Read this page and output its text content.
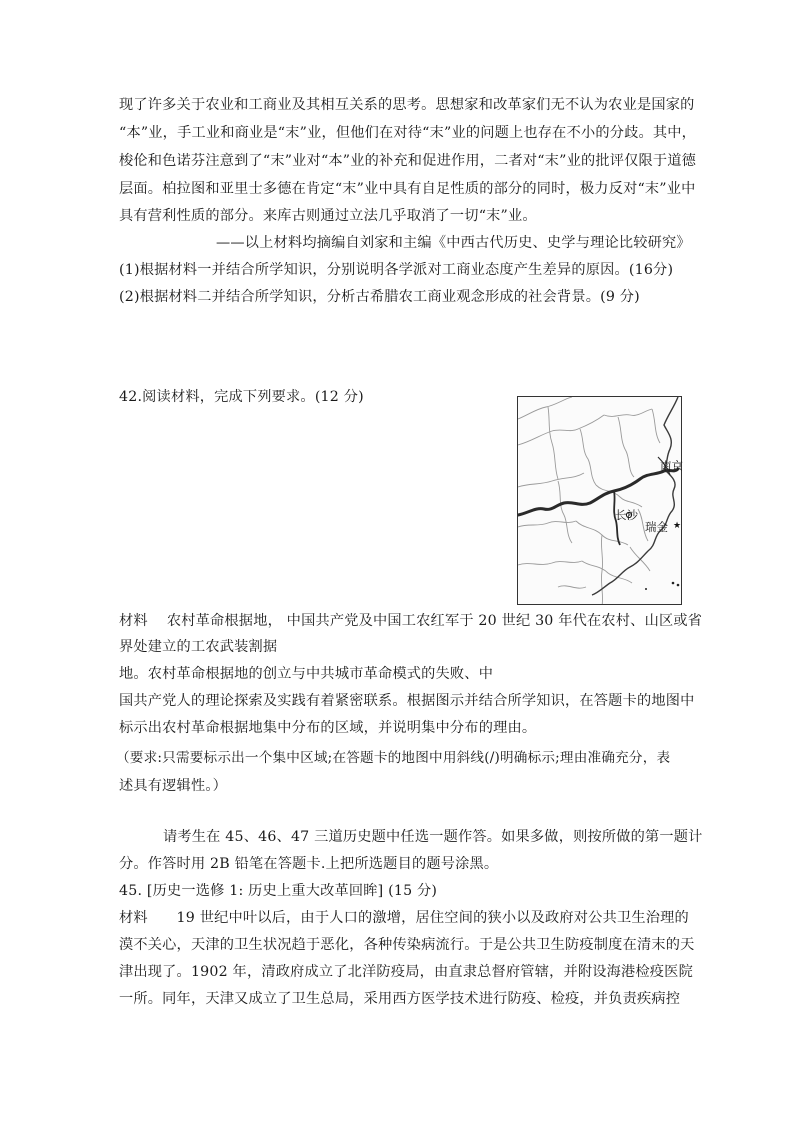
现了许多关于农业和工商业及其相互关系的思考。思想家和改革家们无不认为农业是国家的
“本”业，手工业和商业是“末”业，但他们在对待“末”业的问题上也存在不小的分歧。其中，
梭伦和色诺芬注意到了“末”业对“本”业的补充和促进作用，二者对“末”业的批评仅限于道德
层面。柏拉图和亚里士多德在肯定“末”业中具有自足性质的部分的同时，极力反对“末”业中
具有营利性质的部分。来库古则通过立法几乎取消了一切“末”业。
——以上材料均摘编自刘家和主编《中西古代历史、史学与理论比较研究》
(1)根据材料一并结合所学知识，分别说明各学派对工商业态度产生差异的原因。(16分)
(2)根据材料二并结合所学知识，分析古希腊农工商业观念形成的社会背景。(9 分)
42.阅读材料，完成下列要求。(12 分)
★
南京
长沙
瑞金
材料　 农村革命根据地， 中国共产党及中国工农红军于 20 世纪 30 年代在农村、山区或省
界处建立的工农武装割据
地。农村革命根据地的创立与中共城市革命模式的失败、中
国共产党人的理论探索及实践有着紧密联系。根据图示并结合所学知识，在答题卡的地图中
标示出农村革命根据地集中分布的区域，并说明集中分布的理由。
（要求:只需要标示出一个集中区域;在答题卡的地图中用斜线(/)明确标示;理由准确充分，表
述具有逻辑性。）
请考生在 45、46、47 三道历史题中任选一题作答。如果多做，则按所做的第一题计
分。作答时用 2B 铅笔在答题卡.上把所选题目的题号涂黑。
45. [历史一选修 1: 历史上重大改革回眸] (15 分)
材料　　19 世纪中叶以后，由于人口的激增，居住空间的狭小以及政府对公共卫生治理的
漠不关心，天津的卫生状况趋于恶化，各种传染病流行。于是公共卫生防疫制度在清末的天
津出现了。1902 年，清政府成立了北洋防疫局，由直隶总督府管辖，并附设海港检疫医院
一所。同年，天津又成立了卫生总局，采用西方医学技术进行防疫、检疫，并负责疾病控
